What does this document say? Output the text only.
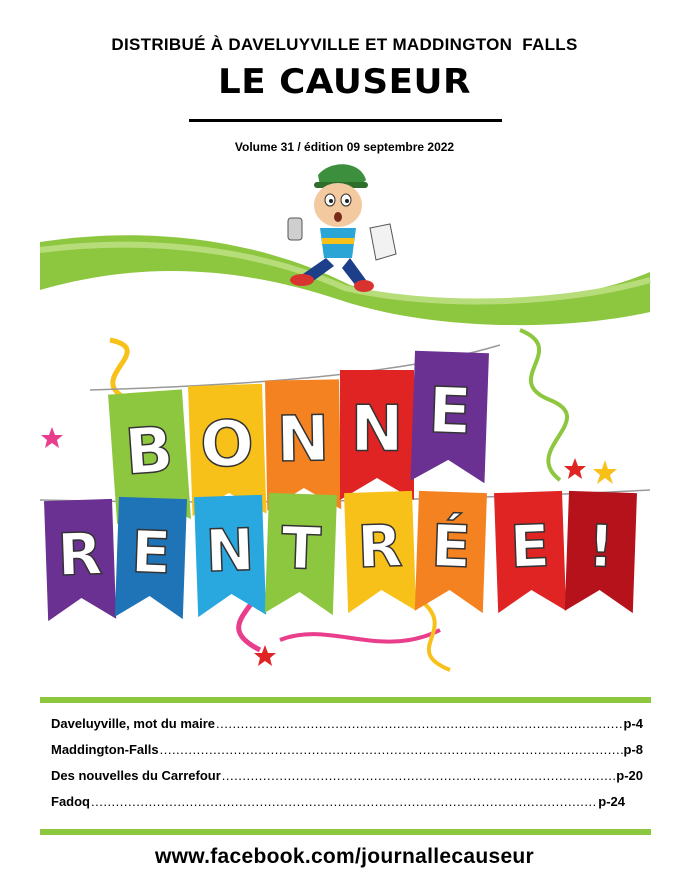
DISTRIBUÉ À DAVELUYVILLE ET MADDINGTON  FALLS
LE CAUSEUR
Volume 31 / édition 09 septembre 2022
B O N N E
R E N T R É E !
Daveluyville, mot du maire .....	p-4
Maddington-Falls .....	p-8
Des nouvelles du Carrefour .....	p-20
Fadoq .....	p-24
www.facebook.com/journallecauseur
